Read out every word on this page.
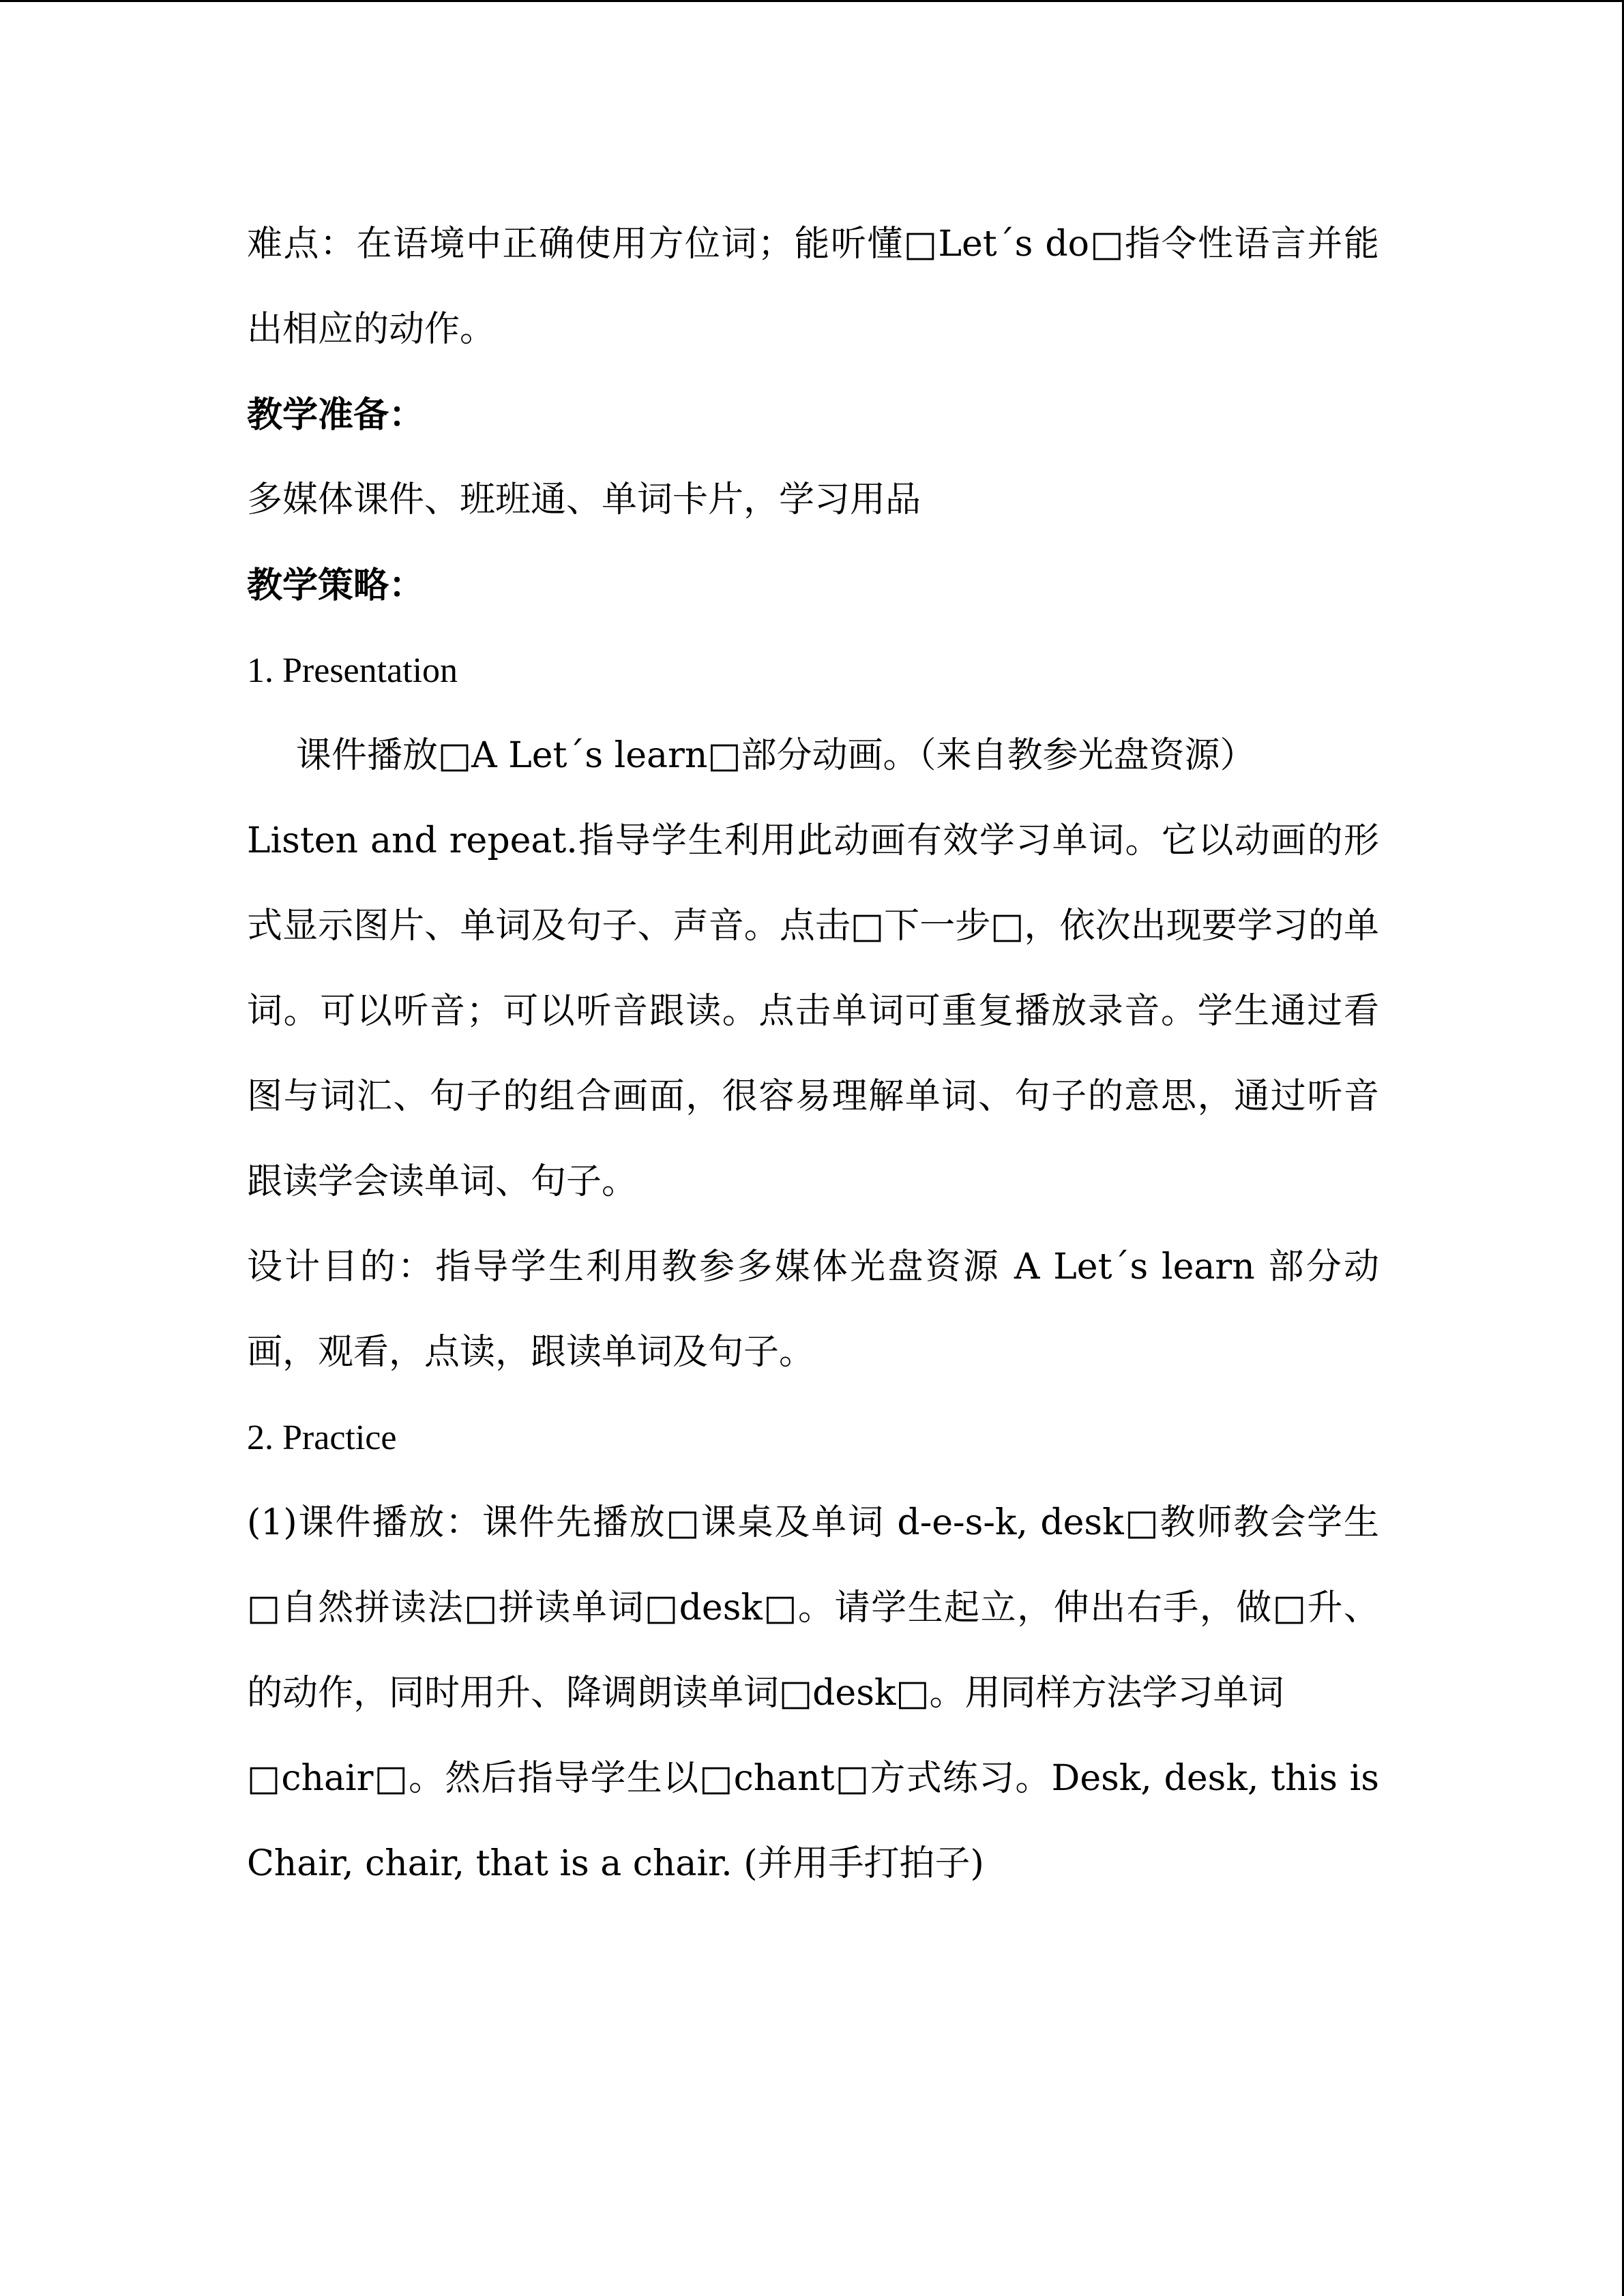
难点：在语境中正确使用方位词；能听懂□Let´s do□指令性语言并能
出相应的动作。
教学准备：
多媒体课件、班班通、单词卡片，学习用品
教学策略：
1. Presentation
课件播放□A Let´s learn□部分动画。（来自教参光盘资源）
Listen and repeat.指导学生利用此动画有效学习单词。它以动画的形
式显示图片、单词及句子、声音。点击□下一步□，依次出现要学习的单
词。可以听音；可以听音跟读。点击单词可重复播放录音。学生通过看
图与词汇、句子的组合画面，很容易理解单词、句子的意思，通过听音
跟读学会读单词、句子。
设计目的：指导学生利用教参多媒体光盘资源 A Let´s learn 部分动
画，观看，点读，跟读单词及句子。
2. Practice
(1)课件播放：课件先播放□课桌及单词 d-e-s-k, desk□教师教会学生
□自然拼读法□拼读单词□desk□。请学生起立，伸出右手，做□升、
的动作，同时用升、降调朗读单词□desk□。用同样方法学习单词
□chair□。然后指导学生以□chant□方式练习。Desk, desk, this is
Chair, chair, that is a chair. (并用手打拍子)
